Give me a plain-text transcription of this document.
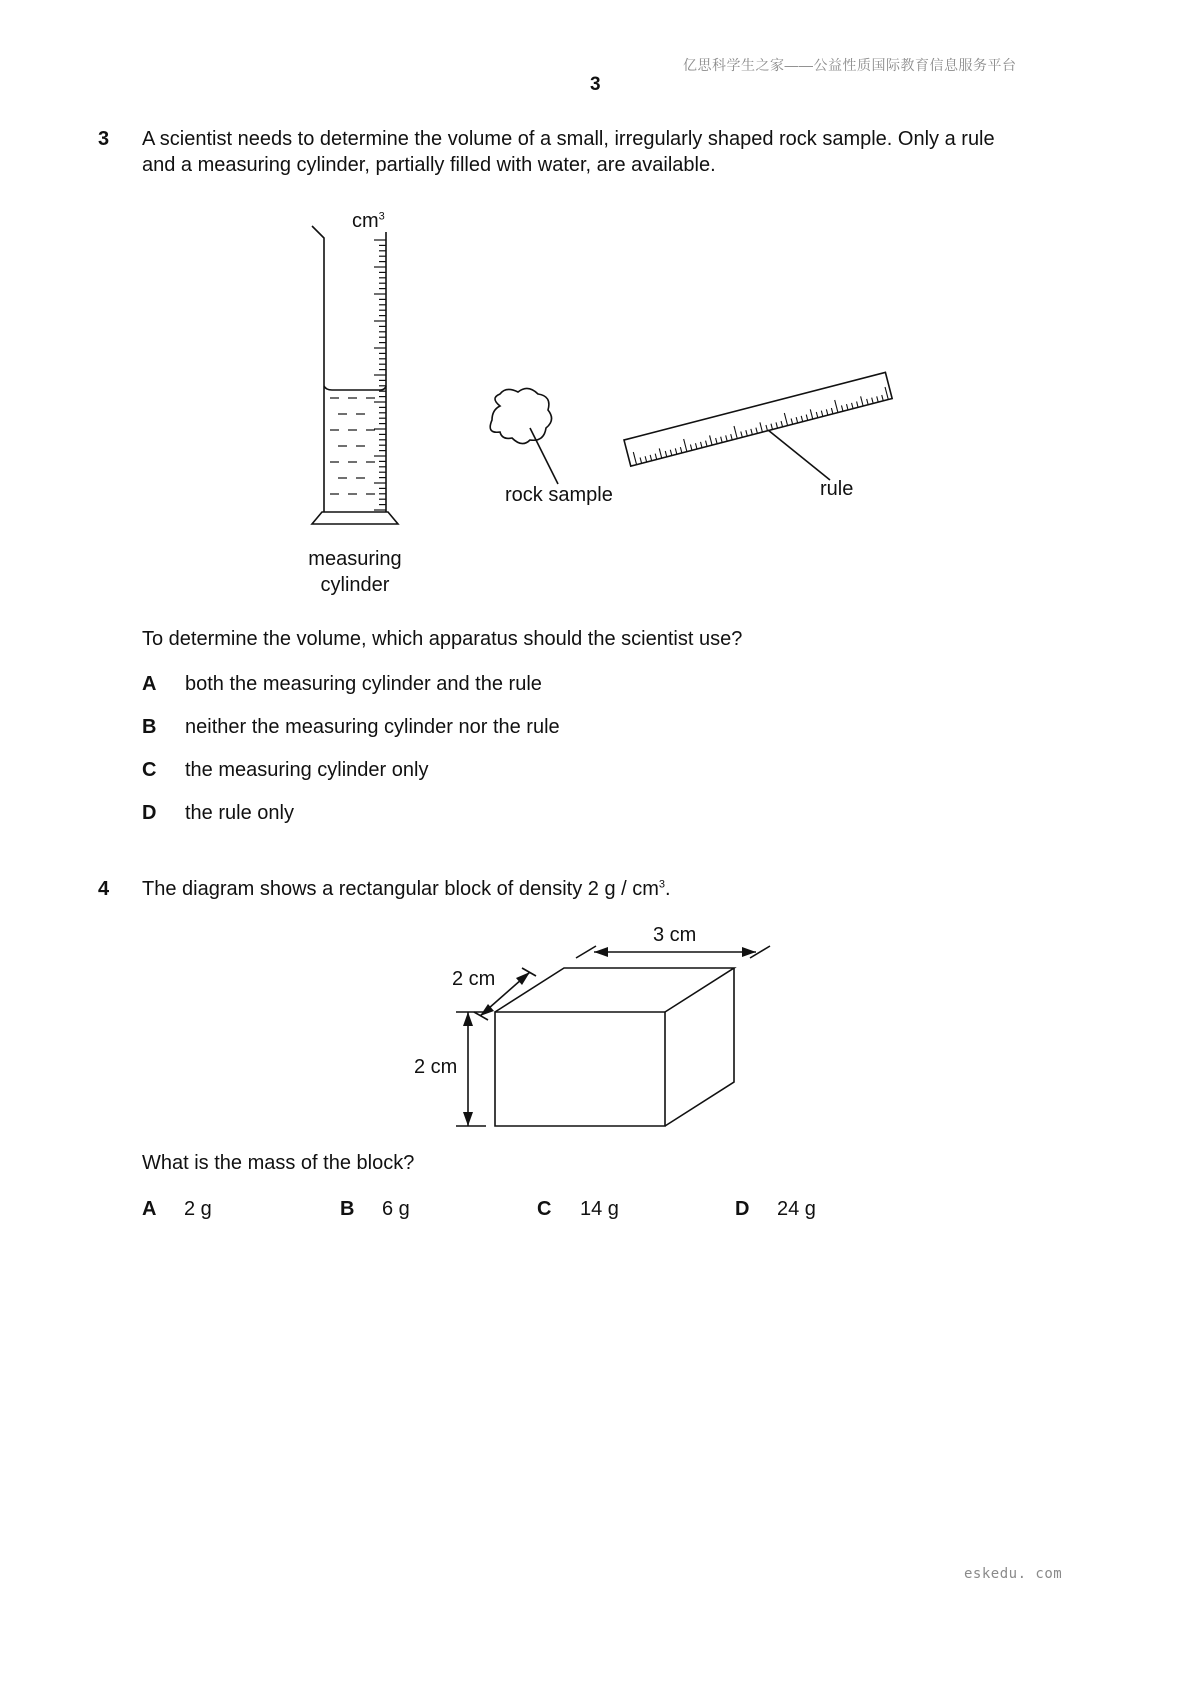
亿思科学生之家——公益性质国际教育信息服务平台
3
3 A scientist needs to determine the volume of a small, irregularly shaped rock sample. Only a rule
and a measuring cylinder, partially filled with water, are available.
$cm^3$
rock sample	rule
measuring
cylinder
To determine the volume, which apparatus should the scientist use?
A both the measuring cylinder and the rule
B neither the measuring cylinder nor the rule
C the measuring cylinder only
D the rule only
4 The diagram shows a rectangular block of density 2 g / $cm^3$.
3 cm
2 cm
2 cm
What is the mass of the block?
A 2 g	B 6 g	C 14 g	D 24 g
eskedu. com
